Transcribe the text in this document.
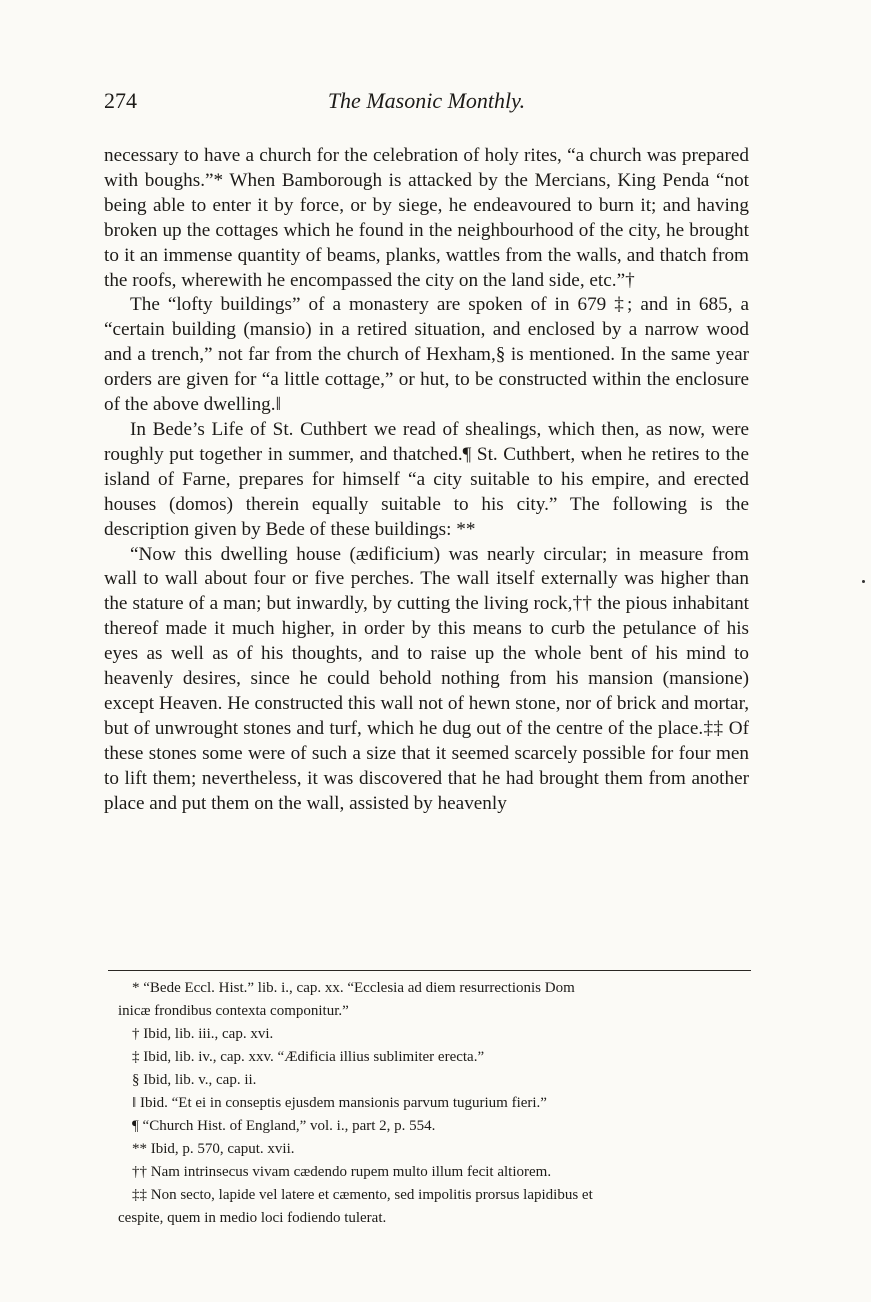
274	The Masonic Monthly.

necessary to have a church for the celebration of holy rites, “a church was prepared with boughs.”* When Bamborough is attacked by the Mercians, King Penda “not being able to enter it by force, or by siege, he endeavoured to burn it; and having broken up the cottages which he found in the neighbourhood of the city, he brought to it an immense quantity of beams, planks, wattles from the walls, and thatch from the roofs, wherewith he encompassed the city on the land side, etc.”†

The “lofty buildings” of a monastery are spoken of in 679 ‡; and in 685, a “certain building (mansio) in a retired situation, and enclosed by a narrow wood and a trench,” not far from the church of Hexham,§ is mentioned. In the same year orders are given for “a little cottage,” or hut, to be constructed within the enclosure of the above dwelling.‖

In Bede’s Life of St. Cuthbert we read of shealings, which then, as now, were roughly put together in summer, and thatched.¶ St. Cuthbert, when he retires to the island of Farne, prepares for himself “a city suitable to his empire, and erected houses (domos) therein equally suitable to his city.” The following is the description given by Bede of these buildings: **

“Now this dwelling house (ædificium) was nearly circular; in measure from wall to wall about four or five perches. The wall itself externally was higher than the stature of a man; but inwardly, by cutting the living rock,†† the pious inhabitant thereof made it much higher, in order by this means to curb the petulance of his eyes as well as of his thoughts, and to raise up the whole bent of his mind to heavenly desires, since he could behold nothing from his mansion (mansione) except Heaven. He constructed this wall not of hewn stone, nor of brick and mortar, but of unwrought stones and turf, which he dug out of the centre of the place.‡‡ Of these stones some were of such a size that it seemed scarcely possible for four men to lift them; nevertheless, it was discovered that he had brought them from another place and put them on the wall, assisted by heavenly

* “Bede Eccl. Hist.” lib. i., cap. xx. “Ecclesia ad diem resurrectionis Dom

inicæ frondibus contexta componitur.”

† Ibid, lib. iii., cap. xvi.

‡ Ibid, lib. iv., cap. xxv. “Ædificia illius sublimiter erecta.”

§ Ibid, lib. v., cap. ii.

‖ Ibid. “Et ei in conseptis ejusdem mansionis parvum tugurium fieri.”

¶ “Church Hist. of England,” vol. i., part 2, p. 554.

** Ibid, p. 570, caput. xvii.

†† Nam intrinsecus vivam cædendo rupem multo illum fecit altiorem.

‡‡ Non secto, lapide vel latere et cæmento, sed impolitis prorsus lapidibus et

cespite, quem in medio loci fodiendo tulerat.
